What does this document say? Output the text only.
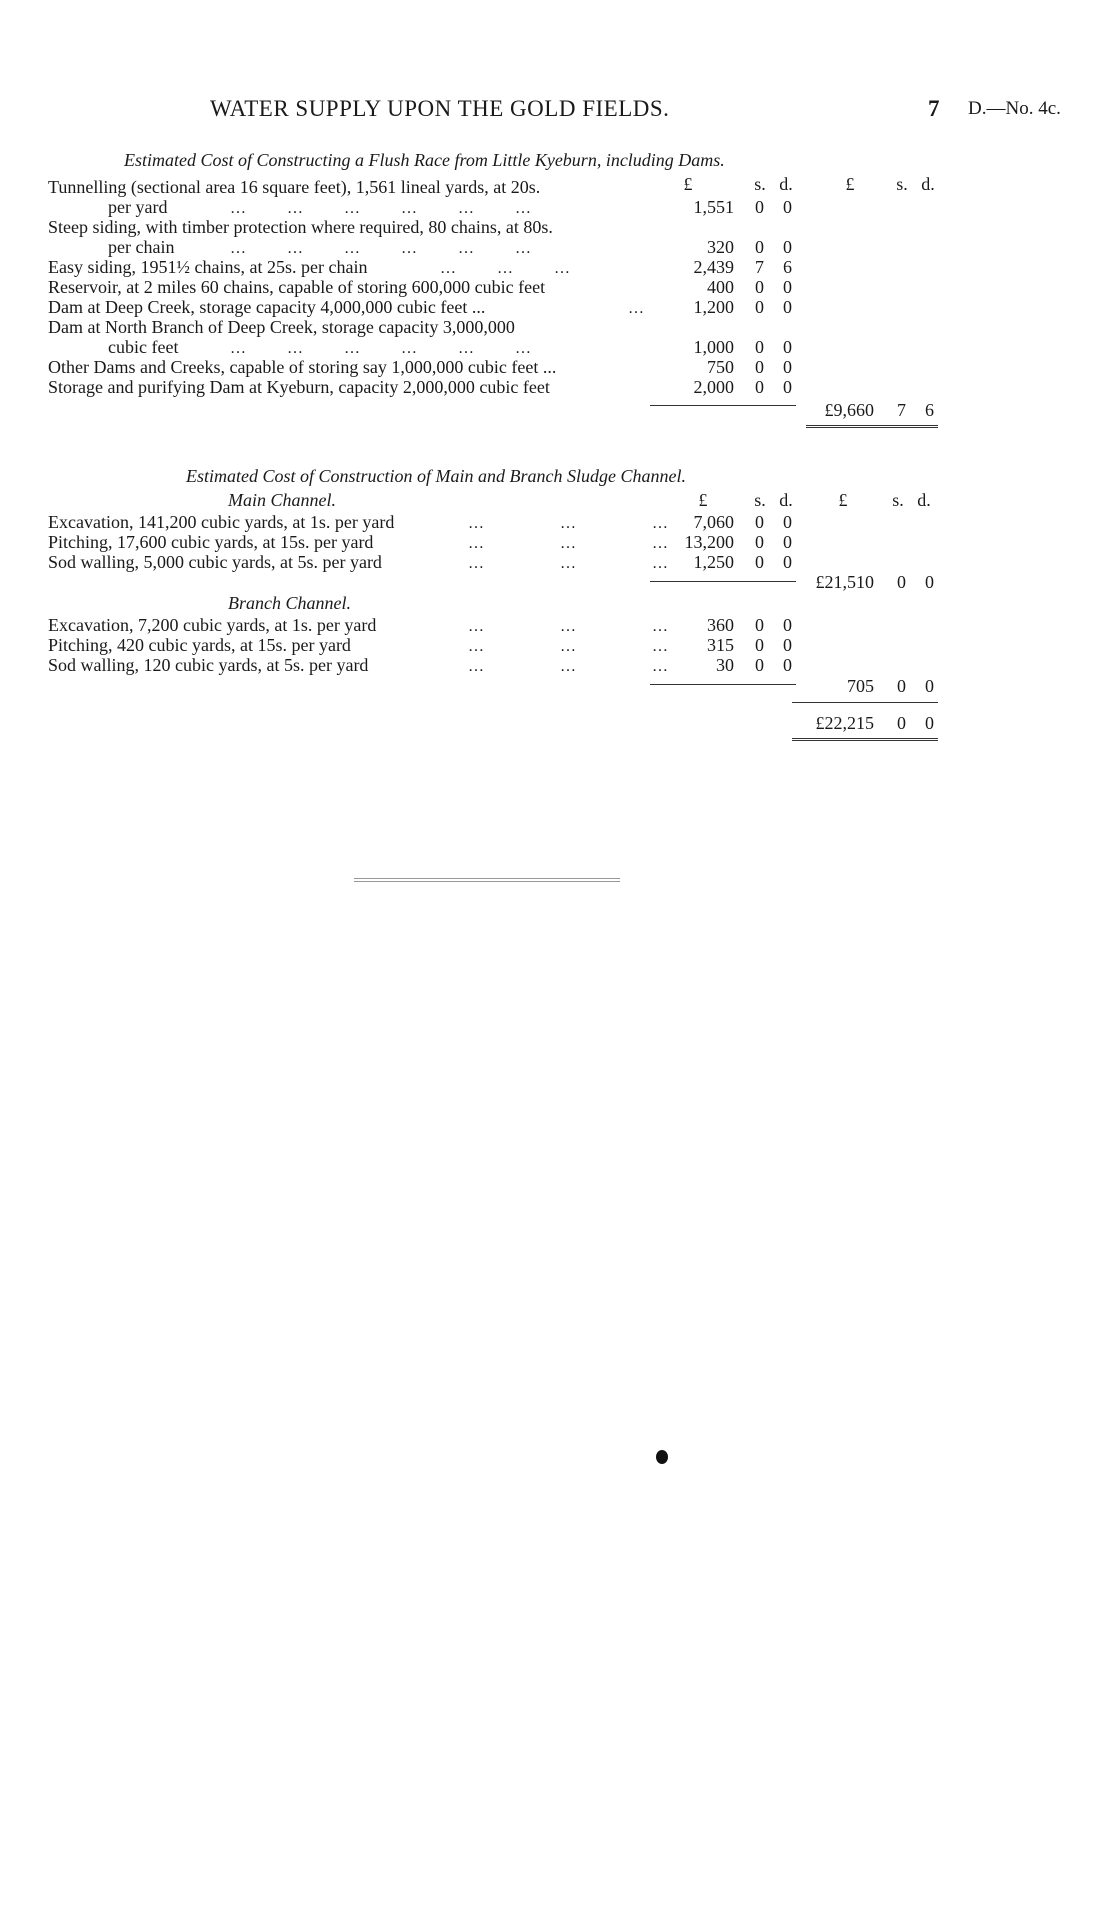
WATER SUPPLY UPON THE GOLD FIELDS.	7 D.—No. 4c.
Estimated Cost of Constructing a Flush Race from Little Kyeburn, including Dams.
£	s. d.	£	s. d.
Tunnelling (sectional area 16 square feet), 1,561 lineal yards, at 20s.
per yard	…        …        …        …        …        …	1,551	0	0
Steep siding, with timber protection where required, 80 chains, at 80s.
per chain	…        …        …        …        …        …	320	0	0
Easy siding, 1951½ chains, at 25s. per chain	…        …        …	2,439	7	6
Reservoir, at 2 miles 60 chains, capable of storing 600,000 cubic feet	400	0	0
Dam at Deep Creek, storage capacity 4,000,000 cubic feet ...	…	1,200	0	0
Dam at North Branch of Deep Creek, storage capacity 3,000,000
cubic feet	…        …        …        …        …        …	1,000	0	0
Other Dams and Creeks, capable of storing say 1,000,000 cubic feet ...	750	0	0
Storage and purifying Dam at Kyeburn, capacity 2,000,000 cubic feet	2,000	0	0
£9,660	7	6
Estimated Cost of Construction of Main and Branch Sludge Channel.
Main Channel.	£	s. d.	£	s. d.
Excavation, 141,200 cubic yards, at 1s. per yard	…               …               …	7,060	0	0
Pitching, 17,600 cubic yards, at 15s. per yard	…               …               … 13,200	0	0
Sod walling, 5,000 cubic yards, at 5s. per yard	…               …               …	1,250	0	0
£21,510	0	0
Branch Channel.
Excavation, 7,200 cubic yards, at 1s. per yard	…               …               …	360	0	0
Pitching, 420 cubic yards, at 15s. per yard	…               …               …	315	0	0
Sod walling, 120 cubic yards, at 5s. per yard	…               …               …	30	0	0
705	0	0
£22,215	0	0
